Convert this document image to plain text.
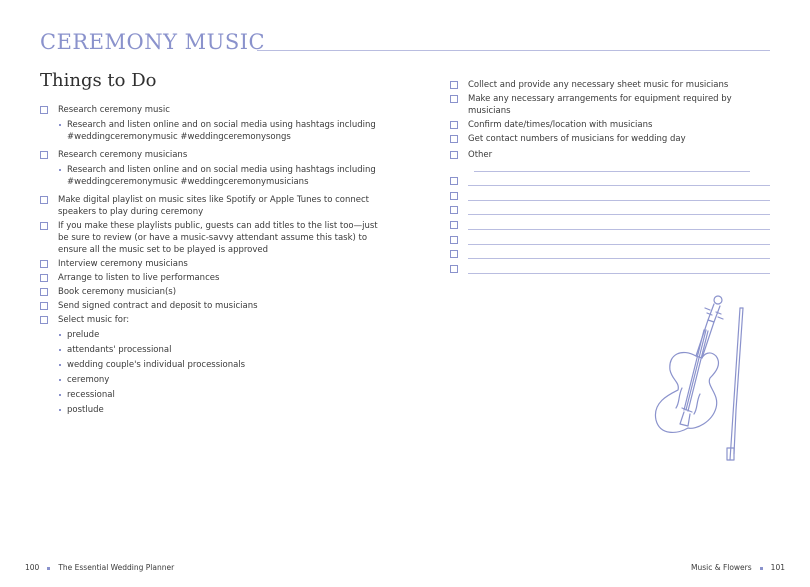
CEREMONY MUSIC
Things to Do
Research ceremony music
Research and listen online and on social media using hashtags including #weddingceremonymusic #weddingceremonysongs
Research ceremony musicians
Research and listen online and on social media using hashtags including #weddingceremonymusic #weddingceremonymusicians
Make digital playlist on music sites like Spotify or Apple Tunes to connect speakers to play during ceremony
If you make these playlists public, guests can add titles to the list too—just be sure to review (or have a music-savvy attendant assume this task) to ensure all the music set to be played is approved
Interview ceremony musicians
Arrange to listen to live performances
Book ceremony musician(s)
Send signed contract and deposit to musicians
Select music for:
prelude
attendants' processional
wedding couple's individual processionals
ceremony
recessional
postlude
Collect and provide any necessary sheet music for musicians
Make any necessary arrangements for equipment required by musicians
Confirm date/times/location with musicians
Get contact numbers of musicians for wedding day
Other
100	The Essential Wedding Planner	Music & Flowers	101
